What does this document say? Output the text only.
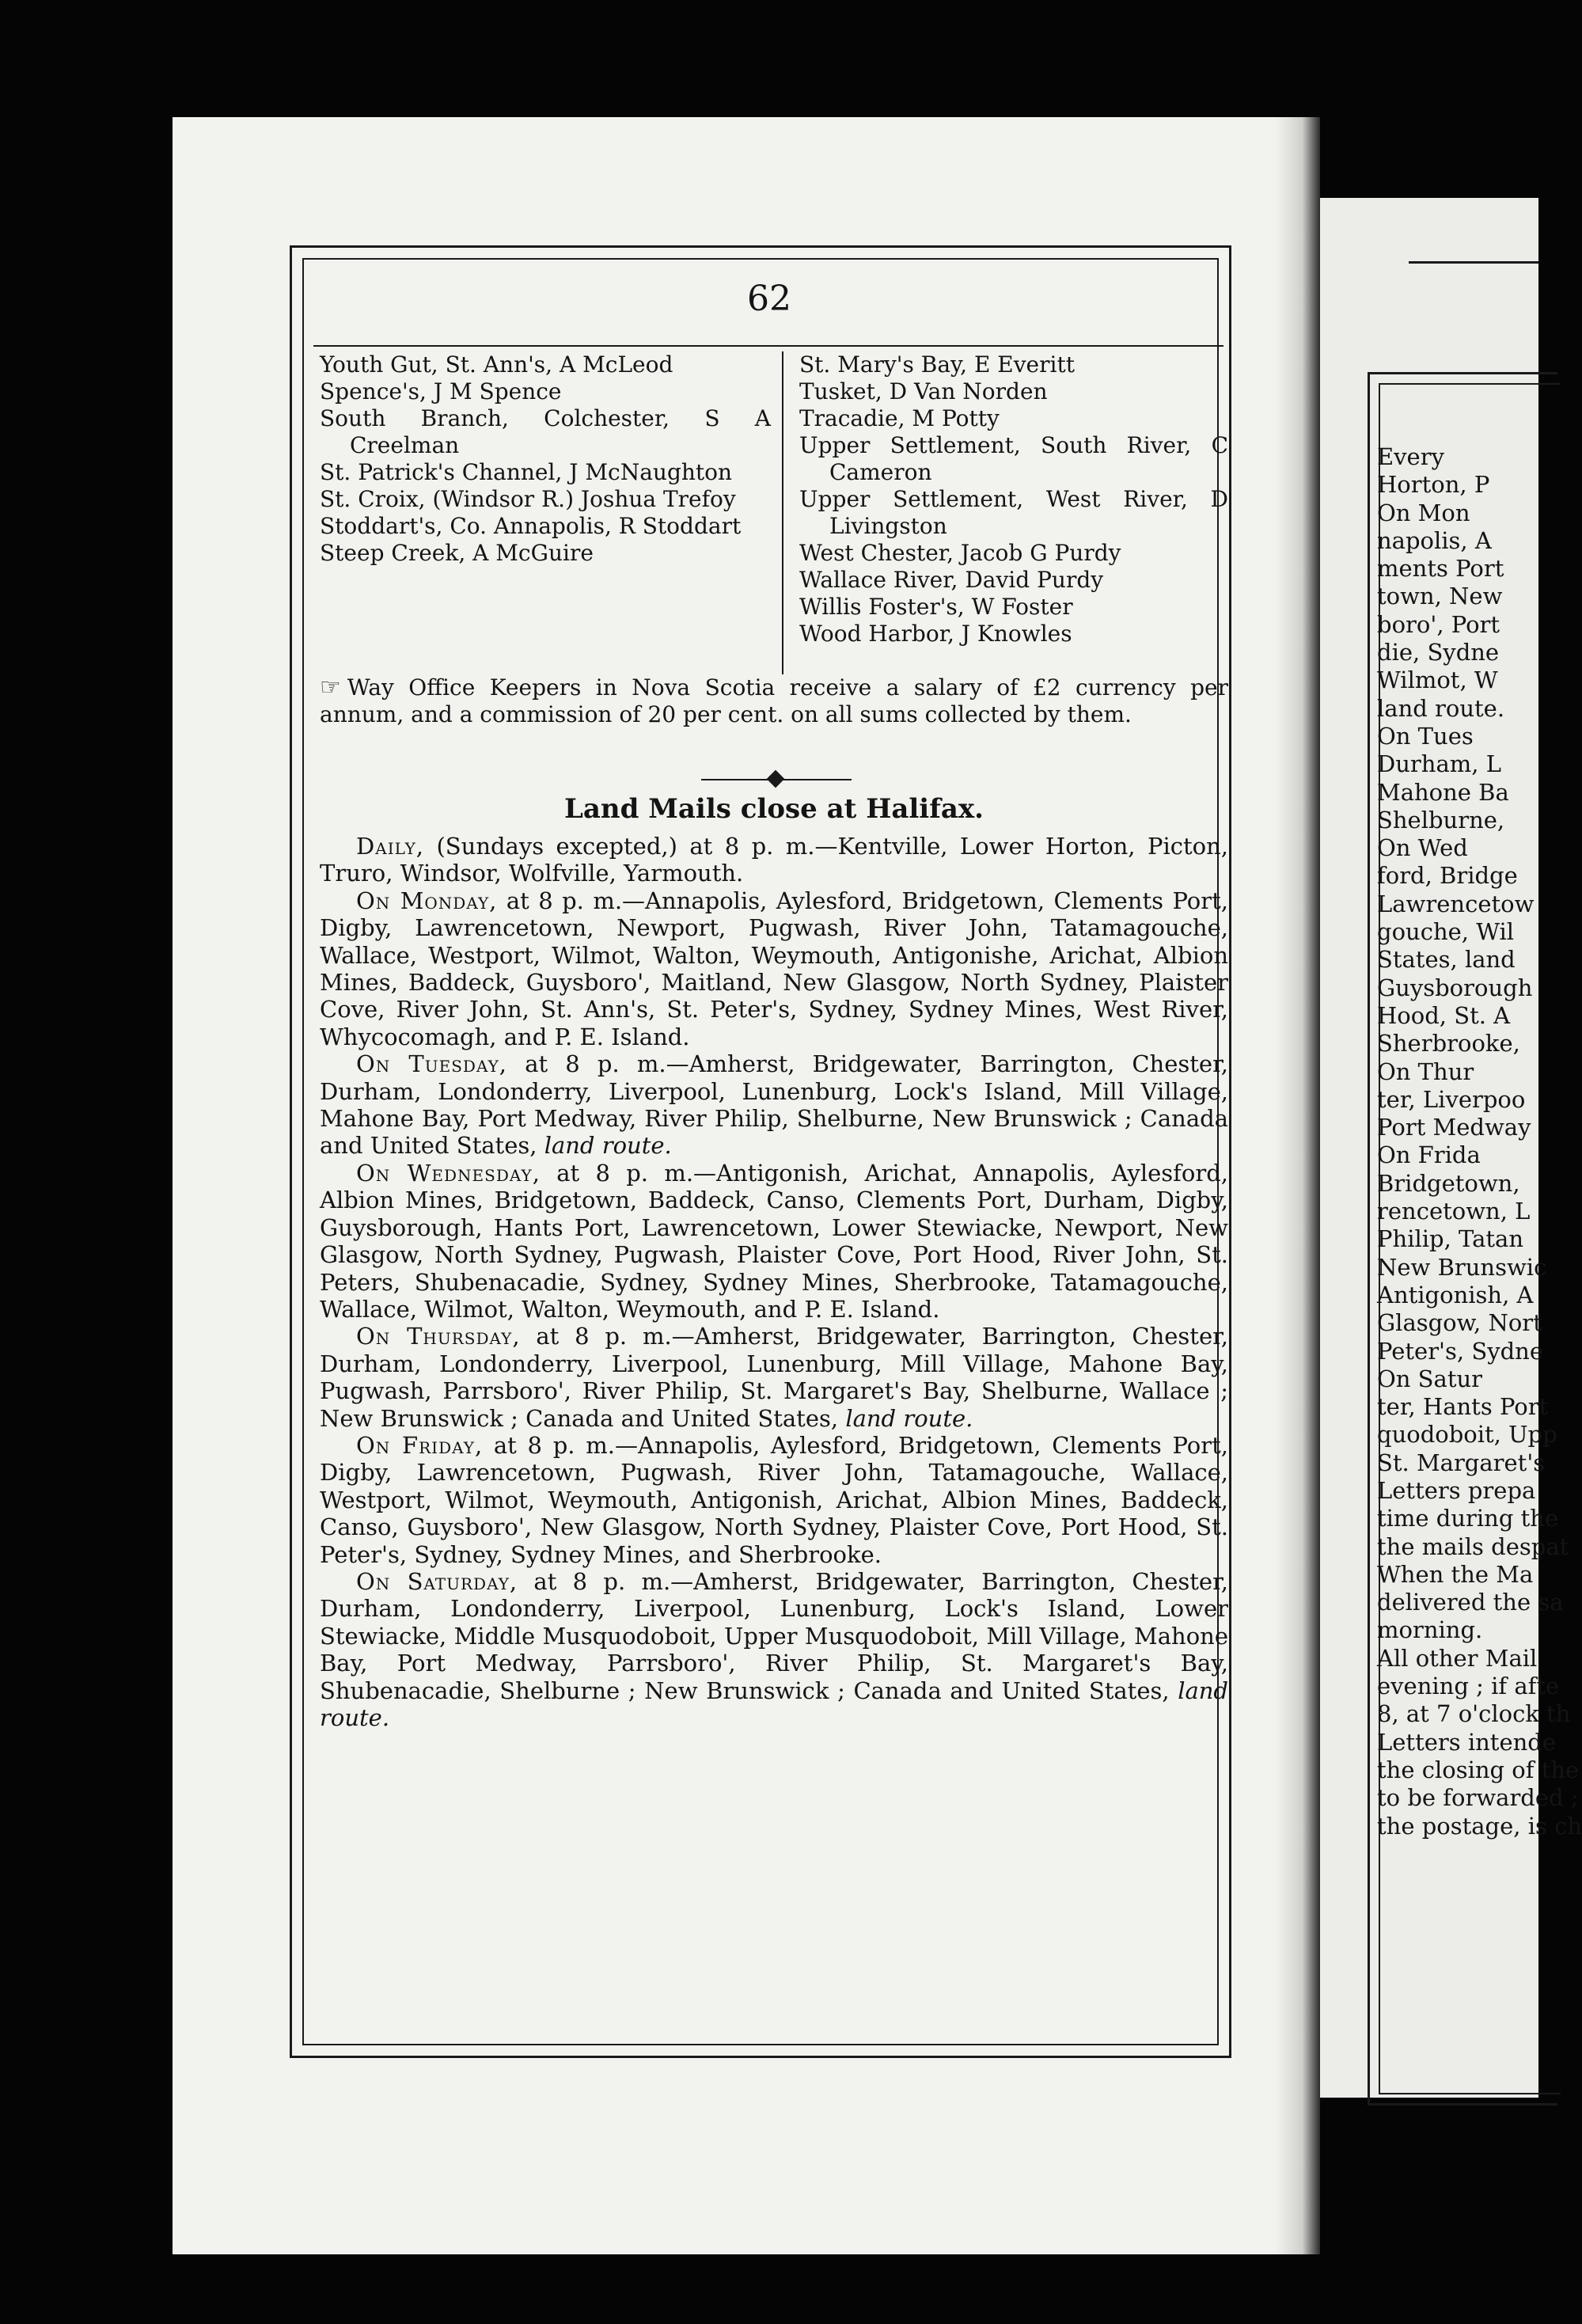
62

Youth Gut, St. Ann's, A McLeod

Spence's, J M Spence

South Branch, Colchester, S A Creelman

St. Patrick's Channel, J McNaughton

St. Croix, (Windsor R.) Joshua Trefoy

Stoddart's, Co. Annapolis, R Stoddart

Steep Creek, A McGuire

St. Mary's Bay, E Everitt

Tusket, D Van Norden

Tracadie, M Potty

Upper Settlement, South River, C Cameron

Upper Settlement, West River, D Livingston

West Chester, Jacob G Purdy

Wallace River, David Purdy

Willis Foster's, W Foster

Wood Harbor, J Knowles

☞ Way Office Keepers in Nova Scotia receive a salary of £2 currency per annum, and a commission of 20 per cent. on all sums collected by them.
Land Mails close at Halifax.

Daily, (Sundays excepted,) at 8 p. m.—Kentville, Lower Horton, Picton, Truro, Windsor, Wolfville, Yarmouth.

On Monday, at 8 p. m.—Annapolis, Aylesford, Bridgetown, Clements Port, Digby, Lawrencetown, Newport, Pugwash, River John, Tatamagouche, Wallace, Westport, Wilmot, Walton, Weymouth, Antigonishe, Arichat, Albion Mines, Baddeck, Guysboro', Maitland, New Glasgow, North Sydney, Plaister Cove, River John, St. Ann's, St. Peter's, Sydney, Sydney Mines, West River, Whycocomagh, and P. E. Island.

On Tuesday, at 8 p. m.—Amherst, Bridgewater, Barrington, Chester, Durham, Londonderry, Liverpool, Lunenburg, Lock's Island, Mill Village, Mahone Bay, Port Medway, River Philip, Shelburne, New Brunswick ; Canada and United States, land route.

On Wednesday, at 8 p. m.—Antigonish, Arichat, Annapolis, Aylesford, Albion Mines, Bridgetown, Baddeck, Canso, Clements Port, Durham, Digby, Guysborough, Hants Port, Lawrencetown, Lower Stewiacke, Newport, New Glasgow, North Sydney, Pugwash, Plaister Cove, Port Hood, River John, St. Peters, Shubenacadie, Sydney, Sydney Mines, Sherbrooke, Tatamagouche, Wallace, Wilmot, Walton, Weymouth, and P. E. Island.

On Thursday, at 8 p. m.—Amherst, Bridgewater, Barrington, Chester, Durham, Londonderry, Liverpool, Lunenburg, Mill Village, Mahone Bay, Pugwash, Parrsboro', River Philip, St. Margaret's Bay, Shelburne, Wallace ; New Brunswick ; Canada and United States, land route.

On Friday, at 8 p. m.—Annapolis, Aylesford, Bridgetown, Clements Port, Digby, Lawrencetown, Pugwash, River John, Tatamagouche, Wallace, Westport, Wilmot, Weymouth, Antigonish, Arichat, Albion Mines, Baddeck, Canso, Guysboro', New Glasgow, North Sydney, Plaister Cove, Port Hood, St. Peter's, Sydney, Sydney Mines, and Sherbrooke.

On Saturday, at 8 p. m.—Amherst, Bridgewater, Barrington, Chester, Durham, Londonderry, Liverpool, Lunenburg, Lock's Island, Lower Stewiacke, Middle Musquodoboit, Upper Musquodoboit, Mill Village, Mahone Bay, Port Medway, Parrsboro', River Philip, St. Margaret's Bay, Shubenacadie, Shelburne ; New Brunswick ; Canada and United States, land route.

Every
Horton, P
On Mon
napolis, A
ments Port
town, New
boro', Port
die, Sydne
Wilmot, W
land route.
On Tues
Durham, L
Mahone Ba
Shelburne,
On Wed
ford, Bridge
Lawrencetow
gouche, Wil
States, land
Guysborough
Hood, St. A
Sherbrooke,
On Thur
ter, Liverpoo
Port Medway
On Frida
Bridgetown,
rencetown, L
Philip, Tatan
New Brunswic
Antigonish, A
Glasgow, Nort
Peter's, Sydne
On Satur
ter, Hants Port
quodoboit, Upp
St. Margaret's
Letters prepa
time during the
the mails despat
When the Ma
delivered the sa
morning.
All other Mail
evening ; if afte
8, at 7 o'clock th
Letters intende
the closing of the
to be forwarded ;
the postage, is ch
